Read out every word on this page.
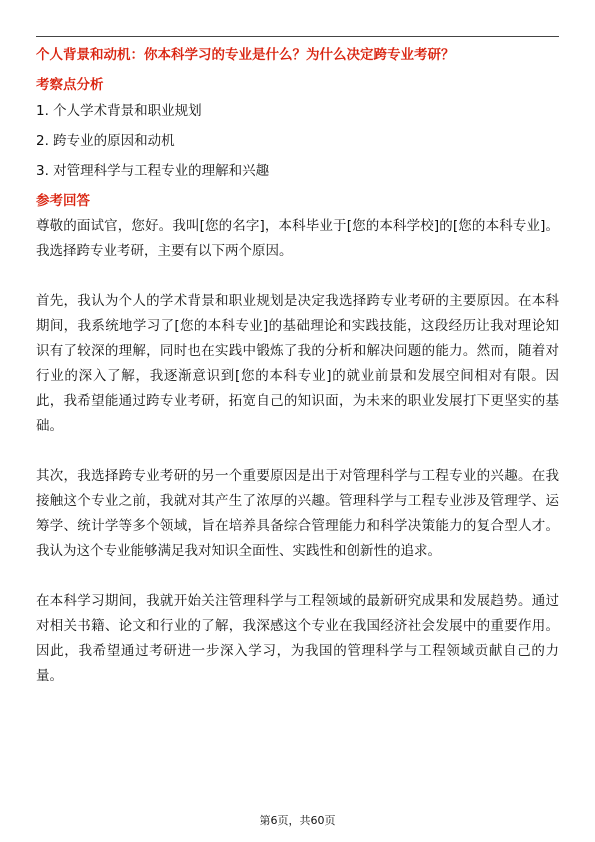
个人背景和动机：你本科学习的专业是什么？为什么决定跨专业考研？
考察点分析
1. 个人学术背景和职业规划
2. 跨专业的原因和动机
3. 对管理科学与工程专业的理解和兴趣
参考回答

尊敬的面试官，您好。我叫[您的名字]，本科毕业于[您的本科学校]的[您的本科专业]。我选择跨专业考研，主要有以下两个原因。

首先，我认为个人的学术背景和职业规划是决定我选择跨专业考研的主要原因。在本科期间，我系统地学习了[您的本科专业]的基础理论和实践技能，这段经历让我对理论知识有了较深的理解，同时也在实践中锻炼了我的分析和解决问题的能力。然而，随着对行业的深入了解，我逐渐意识到[您的本科专业]的就业前景和发展空间相对有限。因此，我希望能通过跨专业考研，拓宽自己的知识面，为未来的职业发展打下更坚实的基础。

其次，我选择跨专业考研的另一个重要原因是出于对管理科学与工程专业的兴趣。在我接触这个专业之前，我就对其产生了浓厚的兴趣。管理科学与工程专业涉及管理学、运筹学、统计学等多个领域，旨在培养具备综合管理能力和科学决策能力的复合型人才。我认为这个专业能够满足我对知识全面性、实践性和创新性的追求。

在本科学习期间，我就开始关注管理科学与工程领域的最新研究成果和发展趋势。通过对相关书籍、论文和行业的了解，我深感这个专业在我国经济社会发展中的重要作用。因此，我希望通过考研进一步深入学习，为我国的管理科学与工程领域贡献自己的力量。

第6页，共60页
